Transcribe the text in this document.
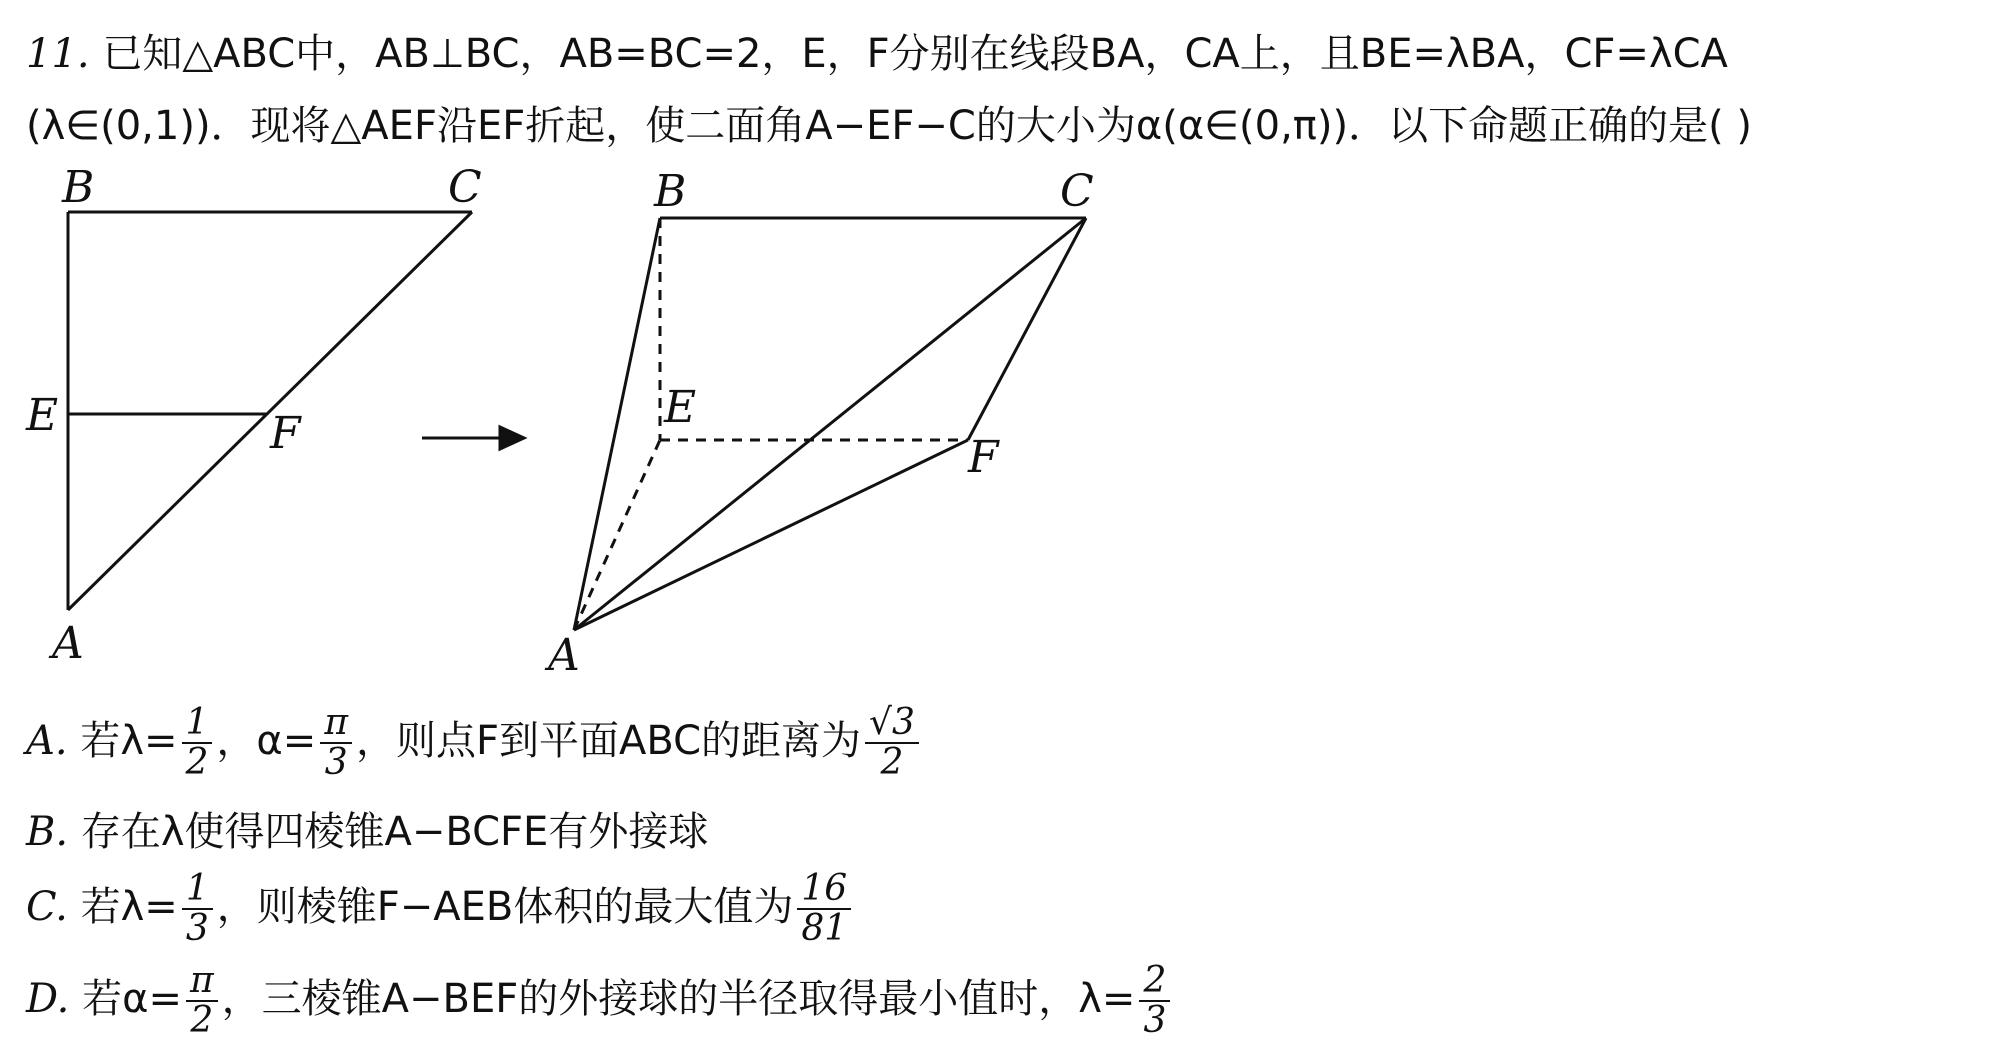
11. 已知△ABC中，AB⊥BC，AB=BC=2，E，F分别在线段BA，CA上，且BE=λBA，CF=λCA
(λ∈(0,1))．现将△AEF沿EF折起，使二面角A−EF−C的大小为α(α∈(0,π))．以下命题正确的是( )
B	C
E	F
A
B	C
E
F
A
A. 若$\lambda= \frac{1}{2}$ ，$\alpha= \frac{\pi}{3}$ ，则点F到平面ABC的距离为 $\frac{√3}{2}$
B. 存在λ使得四棱锥A−BCFE有外接球
C. 若$\lambda= \frac{1}{3}$ ，则棱锥F−AEB体积的最大值为 $\frac{16}{81}$
D. 若$\alpha= \frac{\pi}{2}$ ，三棱锥A−BEF的外接球的半径取得最小值时，$\lambda= \frac{2}{3}$
